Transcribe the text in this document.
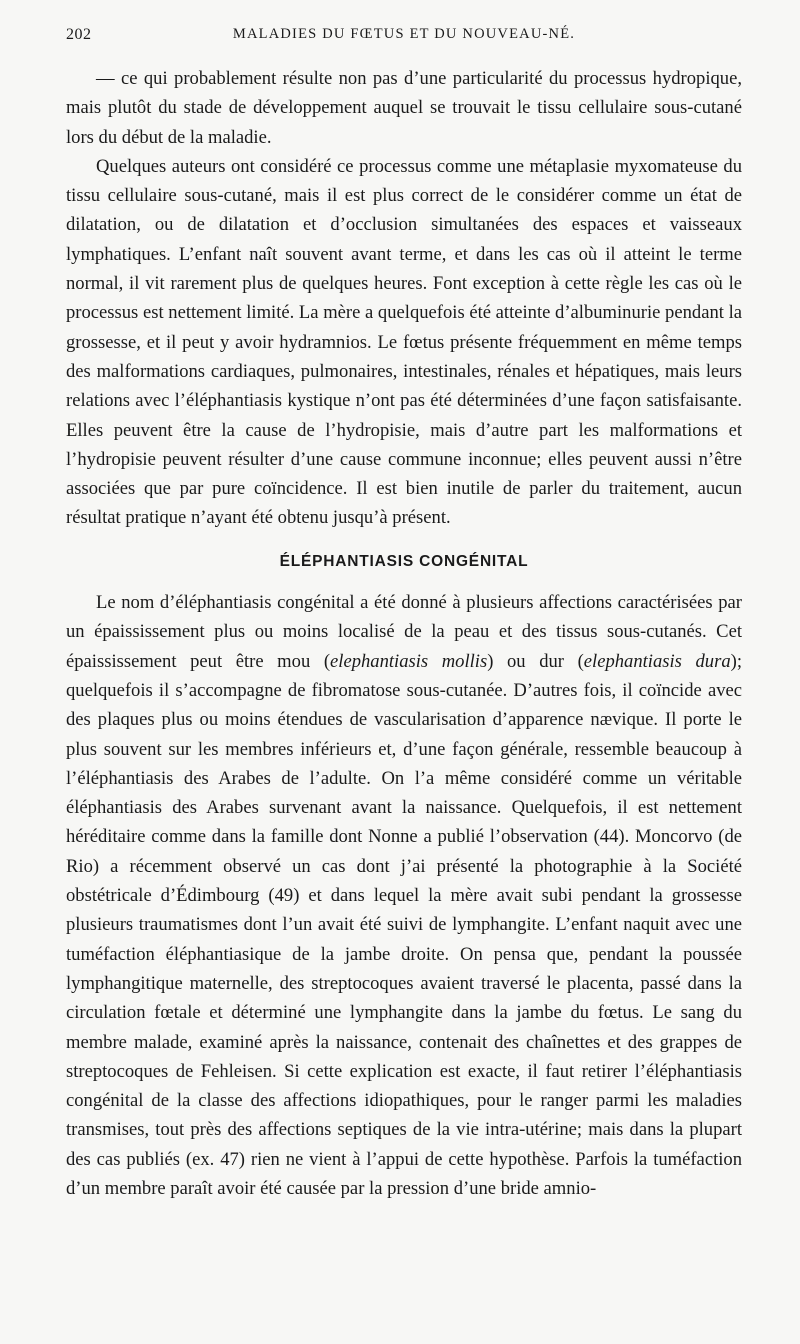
202	MALADIES DU FŒTUS ET DU NOUVEAU-NÉ.

— ce qui probablement résulte non pas d’une particularité du processus hydropique, mais plutôt du stade de développement auquel se trouvait le tissu cellulaire sous-cutané lors du début de la maladie.

Quelques auteurs ont considéré ce processus comme une métaplasie myxomateuse du tissu cellulaire sous-cutané, mais il est plus correct de le considérer comme un état de dilatation, ou de dilatation et d’occlusion simultanées des espaces et vaisseaux lymphatiques. L’enfant naît souvent avant terme, et dans les cas où il atteint le terme normal, il vit rarement plus de quelques heures. Font exception à cette règle les cas où le processus est nettement limité. La mère a quelquefois été atteinte d’albuminurie pendant la grossesse, et il peut y avoir hydramnios. Le fœtus présente fréquemment en même temps des malformations cardiaques, pulmonaires, intestinales, rénales et hépatiques, mais leurs relations avec l’éléphantiasis kystique n’ont pas été déterminées d’une façon satisfaisante. Elles peuvent être la cause de l’hydropisie, mais d’autre part les malformations et l’hydropisie peuvent résulter d’une cause commune inconnue; elles peuvent aussi n’être associées que par pure coïncidence. Il est bien inutile de parler du traitement, aucun résultat pratique n’ayant été obtenu jusqu’à présent.

ÉLÉPHANTIASIS CONGÉNITAL

Le nom d’éléphantiasis congénital a été donné à plusieurs affections caractérisées par un épaississement plus ou moins localisé de la peau et des tissus sous-cutanés. Cet épaississement peut être mou (elephantiasis mollis) ou dur (elephantiasis dura); quelquefois il s’accompagne de fibromatose sous-cutanée. D’autres fois, il coïncide avec des plaques plus ou moins étendues de vascularisation d’apparence nævique. Il porte le plus souvent sur les membres inférieurs et, d’une façon générale, ressemble beaucoup à l’éléphantiasis des Arabes de l’adulte. On l’a même considéré comme un véritable éléphantiasis des Arabes survenant avant la naissance. Quelquefois, il est nettement héréditaire comme dans la famille dont Nonne a publié l’observation (44). Moncorvo (de Rio) a récemment observé un cas dont j’ai présenté la photographie à la Société obstétricale d’Édimbourg (49) et dans lequel la mère avait subi pendant la grossesse plusieurs traumatismes dont l’un avait été suivi de lymphangite. L’enfant naquit avec une tuméfaction éléphantiasique de la jambe droite. On pensa que, pendant la poussée lymphangitique maternelle, des streptocoques avaient traversé le placenta, passé dans la circulation fœtale et déterminé une lymphangite dans la jambe du fœtus. Le sang du membre malade, examiné après la naissance, contenait des chaînettes et des grappes de streptocoques de Fehleisen. Si cette explication est exacte, il faut retirer l’éléphantiasis congénital de la classe des affections idiopathiques, pour le ranger parmi les maladies transmises, tout près des affections septiques de la vie intra-utérine; mais dans la plupart des cas publiés (ex. 47) rien ne vient à l’appui de cette hypothèse. Parfois la tuméfaction d’un membre paraît avoir été causée par la pression d’une bride amnio-
